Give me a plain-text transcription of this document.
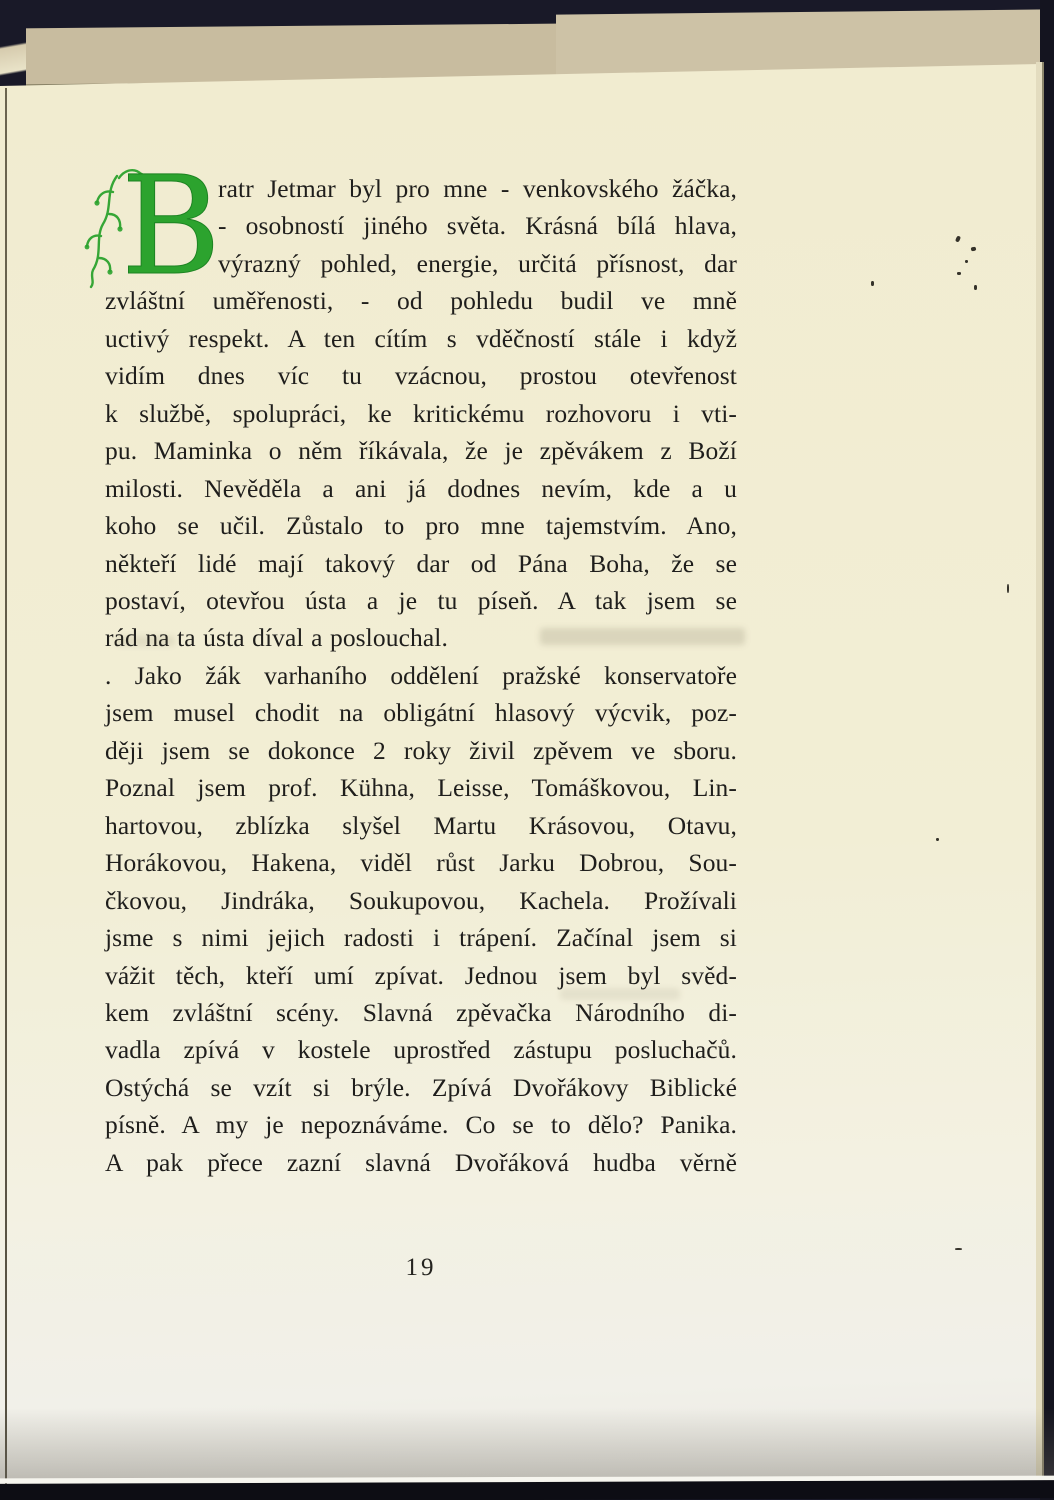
B
ratr Jetmar byl pro mne - venkovského žáčka,
- osobností jiného světa. Krásná bílá hlava,
výrazný pohled, energie, určitá přísnost, dar
zvláštní uměřenosti, - od pohledu budil ve mně
uctivý respekt. A ten cítím s vděčností stále i když
vidím dnes víc tu vzácnou, prostou otevřenost
k službě, spolupráci, ke kritickému rozhovoru i vti-
pu. Maminka o něm říkávala, že je zpěvákem z Boží
milosti. Nevěděla a ani já dodnes nevím, kde a u
koho se učil. Zůstalo to pro mne tajemstvím. Ano,
někteří lidé mají takový dar od Pána Boha, že se
postaví, otevřou ústa a je tu píseň. A tak jsem se
rád na ta ústa díval a poslouchal.
. Jako žák varhaního oddělení pražské konservatoře
jsem musel chodit na obligátní hlasový výcvik, poz-
ději jsem se dokonce 2 roky živil zpěvem ve sboru.
Poznal jsem prof. Kühna, Leisse, Tomáškovou, Lin-
hartovou, zblízka slyšel Martu Krásovou, Otavu,
Horákovou, Hakena, viděl růst Jarku Dobrou, Sou-
čkovou, Jindráka, Soukupovou, Kachela. Prožívali
jsme s nimi jejich radosti i trápení. Začínal jsem si
vážit těch, kteří umí zpívat. Jednou jsem byl svěd-
kem zvláštní scény. Slavná zpěvačka Národního di-
vadla zpívá v kostele uprostřed zástupu posluchačů.
Ostýchá se vzít si brýle. Zpívá Dvořákovy Biblické
písně. A my je nepoznáváme. Co se to dělo? Panika.
A pak přece zazní slavná Dvořáková hudba věrně
19
